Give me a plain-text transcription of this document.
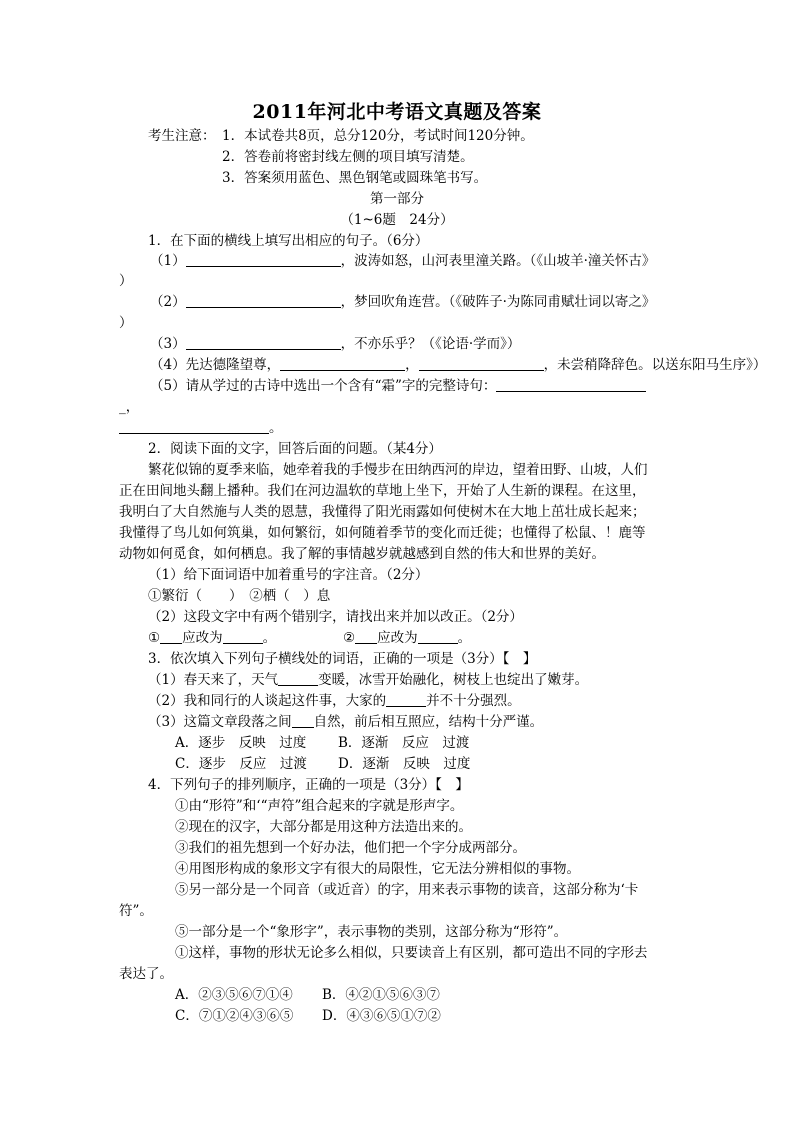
2011年河北中考语文真题及答案
考生注意： 1．本试卷共8页，总分120分，考试时间120分钟。
2．答卷前将密封线左侧的项目填写清楚。
3．答案须用蓝色、黑色钢笔或圆珠笔书写。
第一部分
（1~6题　24分）
1．在下面的横线上填写出相应的句子。（6分）
（1）	，波涛如怒，山河表里潼关路。（《山坡羊·潼关怀古》
）
（2）	，梦回吹角连营。（《破阵子·为陈同甫赋壮词以寄之》
）
（3）	，不亦乐乎？（《论语·学而》）
（4）先达德隆望尊，	，	，未尝稍降辞色。以送东阳马生序》）
（5）请从学过的古诗中选出一个含有“霜”字的完整诗句：
_，
。
2．阅读下面的文字，回答后面的问题。（某4分）
繁花似锦的夏季来临，她牵着我的手慢步在田纳西河的岸边，望着田野、山坡，人们
正在田间地头翻上播种。我们在河边温软的草地上坐下，开始了人生新的课程。在这里，
我明白了大自然施与人类的恩慧，我懂得了阳光雨露如何使树木在大地上茁壮成长起来；
我懂得了鸟儿如何筑巢，如何繁衍，如何随着季节的变化而迁徙；也懂得了松鼠、！鹿等
动物如何觅食，如何栖息。我了解的事情越岁就越感到自然的伟大和世界的美好。
（1）给下面词语中加着重号的字注音。（2分）
①繁衍（　　）　 ②栖（　）息
（2）这段文字中有两个错别字，请找出来并加以改正。（2分）
① 应改为	。	② 应改为	。
3．依次填入下列句子横线处的词语，正确的一项是（3分）【　】
（1）春天来了，天气	变暖，冰雪开始融化，树枝上也绽出了嫩芽。
（2）我和同行的人谈起这件事，大家的	并不十分强烈。
（3）这篇文章段落之间 自然，前后相互照应，结构十分严谨。
A．逐步　反映　过度 B．逐渐　反应　过渡
C．逐步　反应　过渡 D．逐渐　反映　过度
4．下列句子的排列顺序，正确的一项是（3分）【　】
①由“形符”和‘“声符”组合起来的字就是形声字。
②现在的汉字，大部分都是用这种方法造出来的。
③我们的祖先想到一个好办法，他们把一个字分成两部分。
④用图形构成的象形文字有很大的局限性，它无法分辨相似的事物。
⑤另一部分是一个同音（或近音）的字，用来表示事物的读音，这部分称为‘卡
符”。
⑤一部分是一个“象形字”，表示事物的类别，这部分称为“形符”。
①这样，事物的形状无论多么相似，只要读音上有区别，都可造出不同的字形去
表达了。
A．②③⑤⑥⑦①④ B．④②①⑤⑥③⑦
C．⑦①②④③⑥⑤ D．④③⑥⑤①⑦②
